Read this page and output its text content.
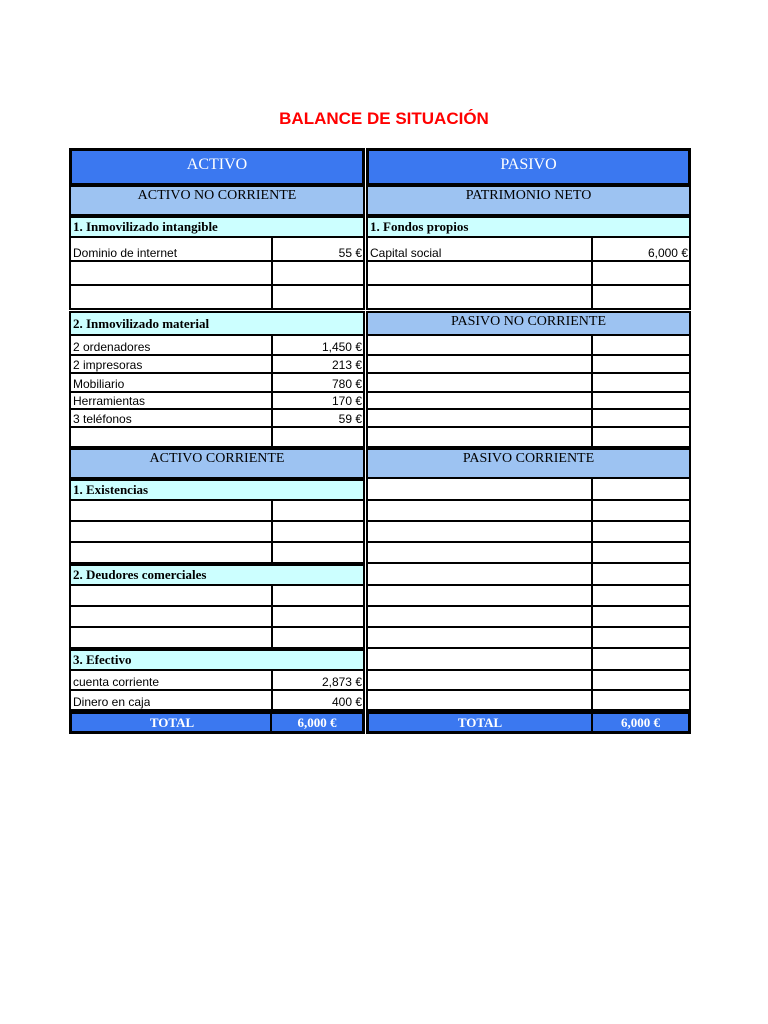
BALANCE DE SITUACIÓN
ACTIVO
ACTIVO NO CORRIENTE
1. Inmovilizado intangible
Dominio de internet	55 €
2. Inmovilizado material
2 ordenadores	1,450 €
2 impresoras	213 €
Mobiliario	780 €
Herramientas	170 €
3 teléfonos	59 €
ACTIVO CORRIENTE
1. Existencias
2. Deudores comerciales
3. Efectivo
cuenta corriente	2,873 €
Dinero en caja	400 €
TOTAL	6,000 €
PASIVO
PATRIMONIO NETO
1. Fondos propios
Capital social	6,000 €
PASIVO NO CORRIENTE
PASIVO CORRIENTE
TOTAL	6,000 €
